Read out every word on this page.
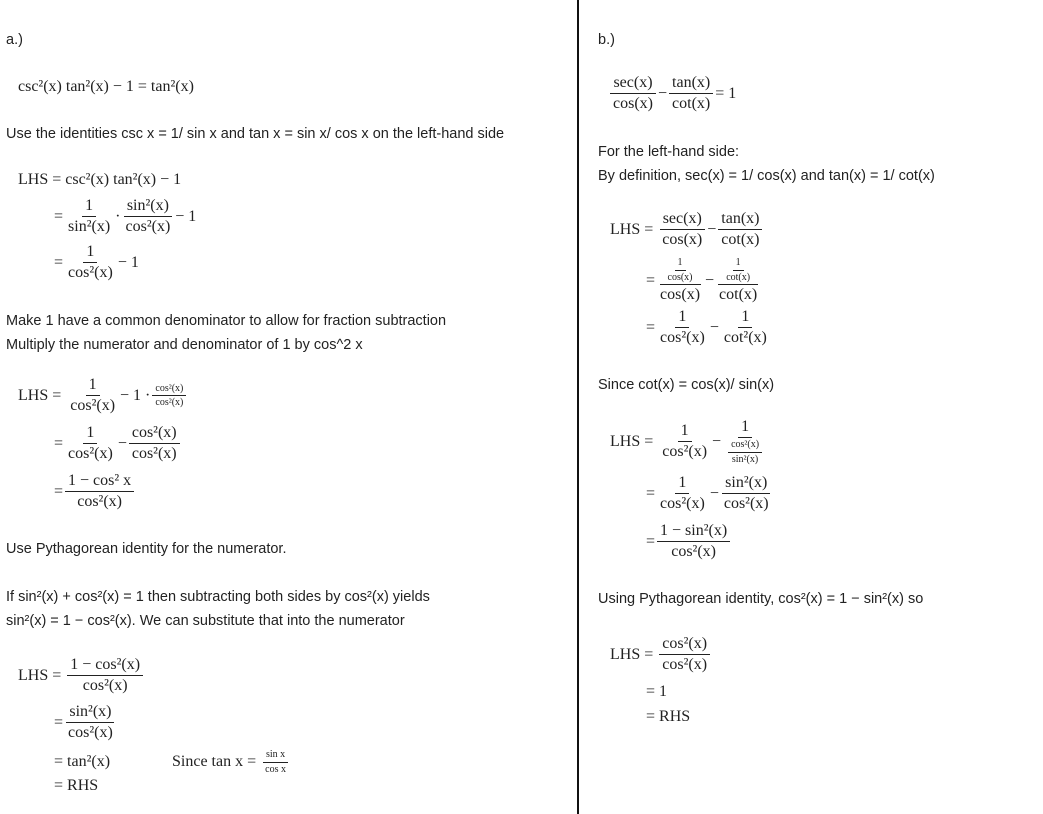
a.)
csc²(x) tan²(x) − 1 = tan²(x)
Use the identities csc x = 1/ sin x and tan x = sin x/ cos x on the left-hand side
LHS = csc²(x) tan²(x) − 1
= $\frac{1}{\text{sin²(x)}} \cdot \frac{\text{sin²(x)}}{\text{cos²(x)}} - 1$
= $\frac{1}{\text{cos²(x)}} - 1$
Make 1 have a common denominator to allow for fraction subtraction
Multiply the numerator and denominator of 1 by cos^2 x
LHS =
$\frac{1}{\text{cos²(x)}} - 1 \cdot \frac{\text{cos²(x)}}{\text{cos²(x)}}$
= $\frac{1}{\text{cos²(x)}} - \frac{\text{cos²(x)}}{\text{cos²(x)}}$
= $\frac{\text{1 − cos² x}}{\text{cos²(x)}}$
Use Pythagorean identity for the numerator.
If sin²(x) + cos²(x) = 1 then subtracting both sides by cos²(x) yields
sin²(x) = 1 − cos²(x). We can substitute that into the numerator
LHS =
$\frac{\text{1 − cos²(x)}}{\text{cos²(x)}}$
= $\frac{\text{sin²(x)}}{\text{cos²(x)}}$
= tan²(x)	Since tan x =
$\frac{\text{sin x}}{\text{cos x}}$
= RHS
b.)
$\frac{\sec(x)}{\cos(x)} - \frac{\tan(x)}{\cot(x)} = 1$
For the left-hand side:
By definition, sec(x) = 1/ cos(x) and tan(x) = 1/ cot(x)
LHS =
$\frac{\sec(x)}{\cos(x)} - \frac{\tan(x)}{\cot(x)}$
= $\frac{\frac{1}{\cos(x)}}{\cos(x)} - \frac{\frac{1}{\cot(x)}}{\cot(x)}$
= $\frac{1}{\text{cos²(x)}} - \frac{1}{\text{cot²(x)}}$
Since cot(x) = cos(x)/ sin(x)
LHS =
$\frac{1}{\text{cos²(x)}} - \frac{1}{\frac{\text{cos²(x)}}{\text{sin²(x)}}}$
= $\frac{1}{\text{cos²(x)}} - \frac{\text{sin²(x)}}{\text{cos²(x)}}$
= $\frac{\text{1 − sin²(x)}}{\text{cos²(x)}}$
Using Pythagorean identity, cos²(x) = 1 − sin²(x) so
LHS =
$\frac{\text{cos²(x)}}{\text{cos²(x)}}$
= 1
= RHS
